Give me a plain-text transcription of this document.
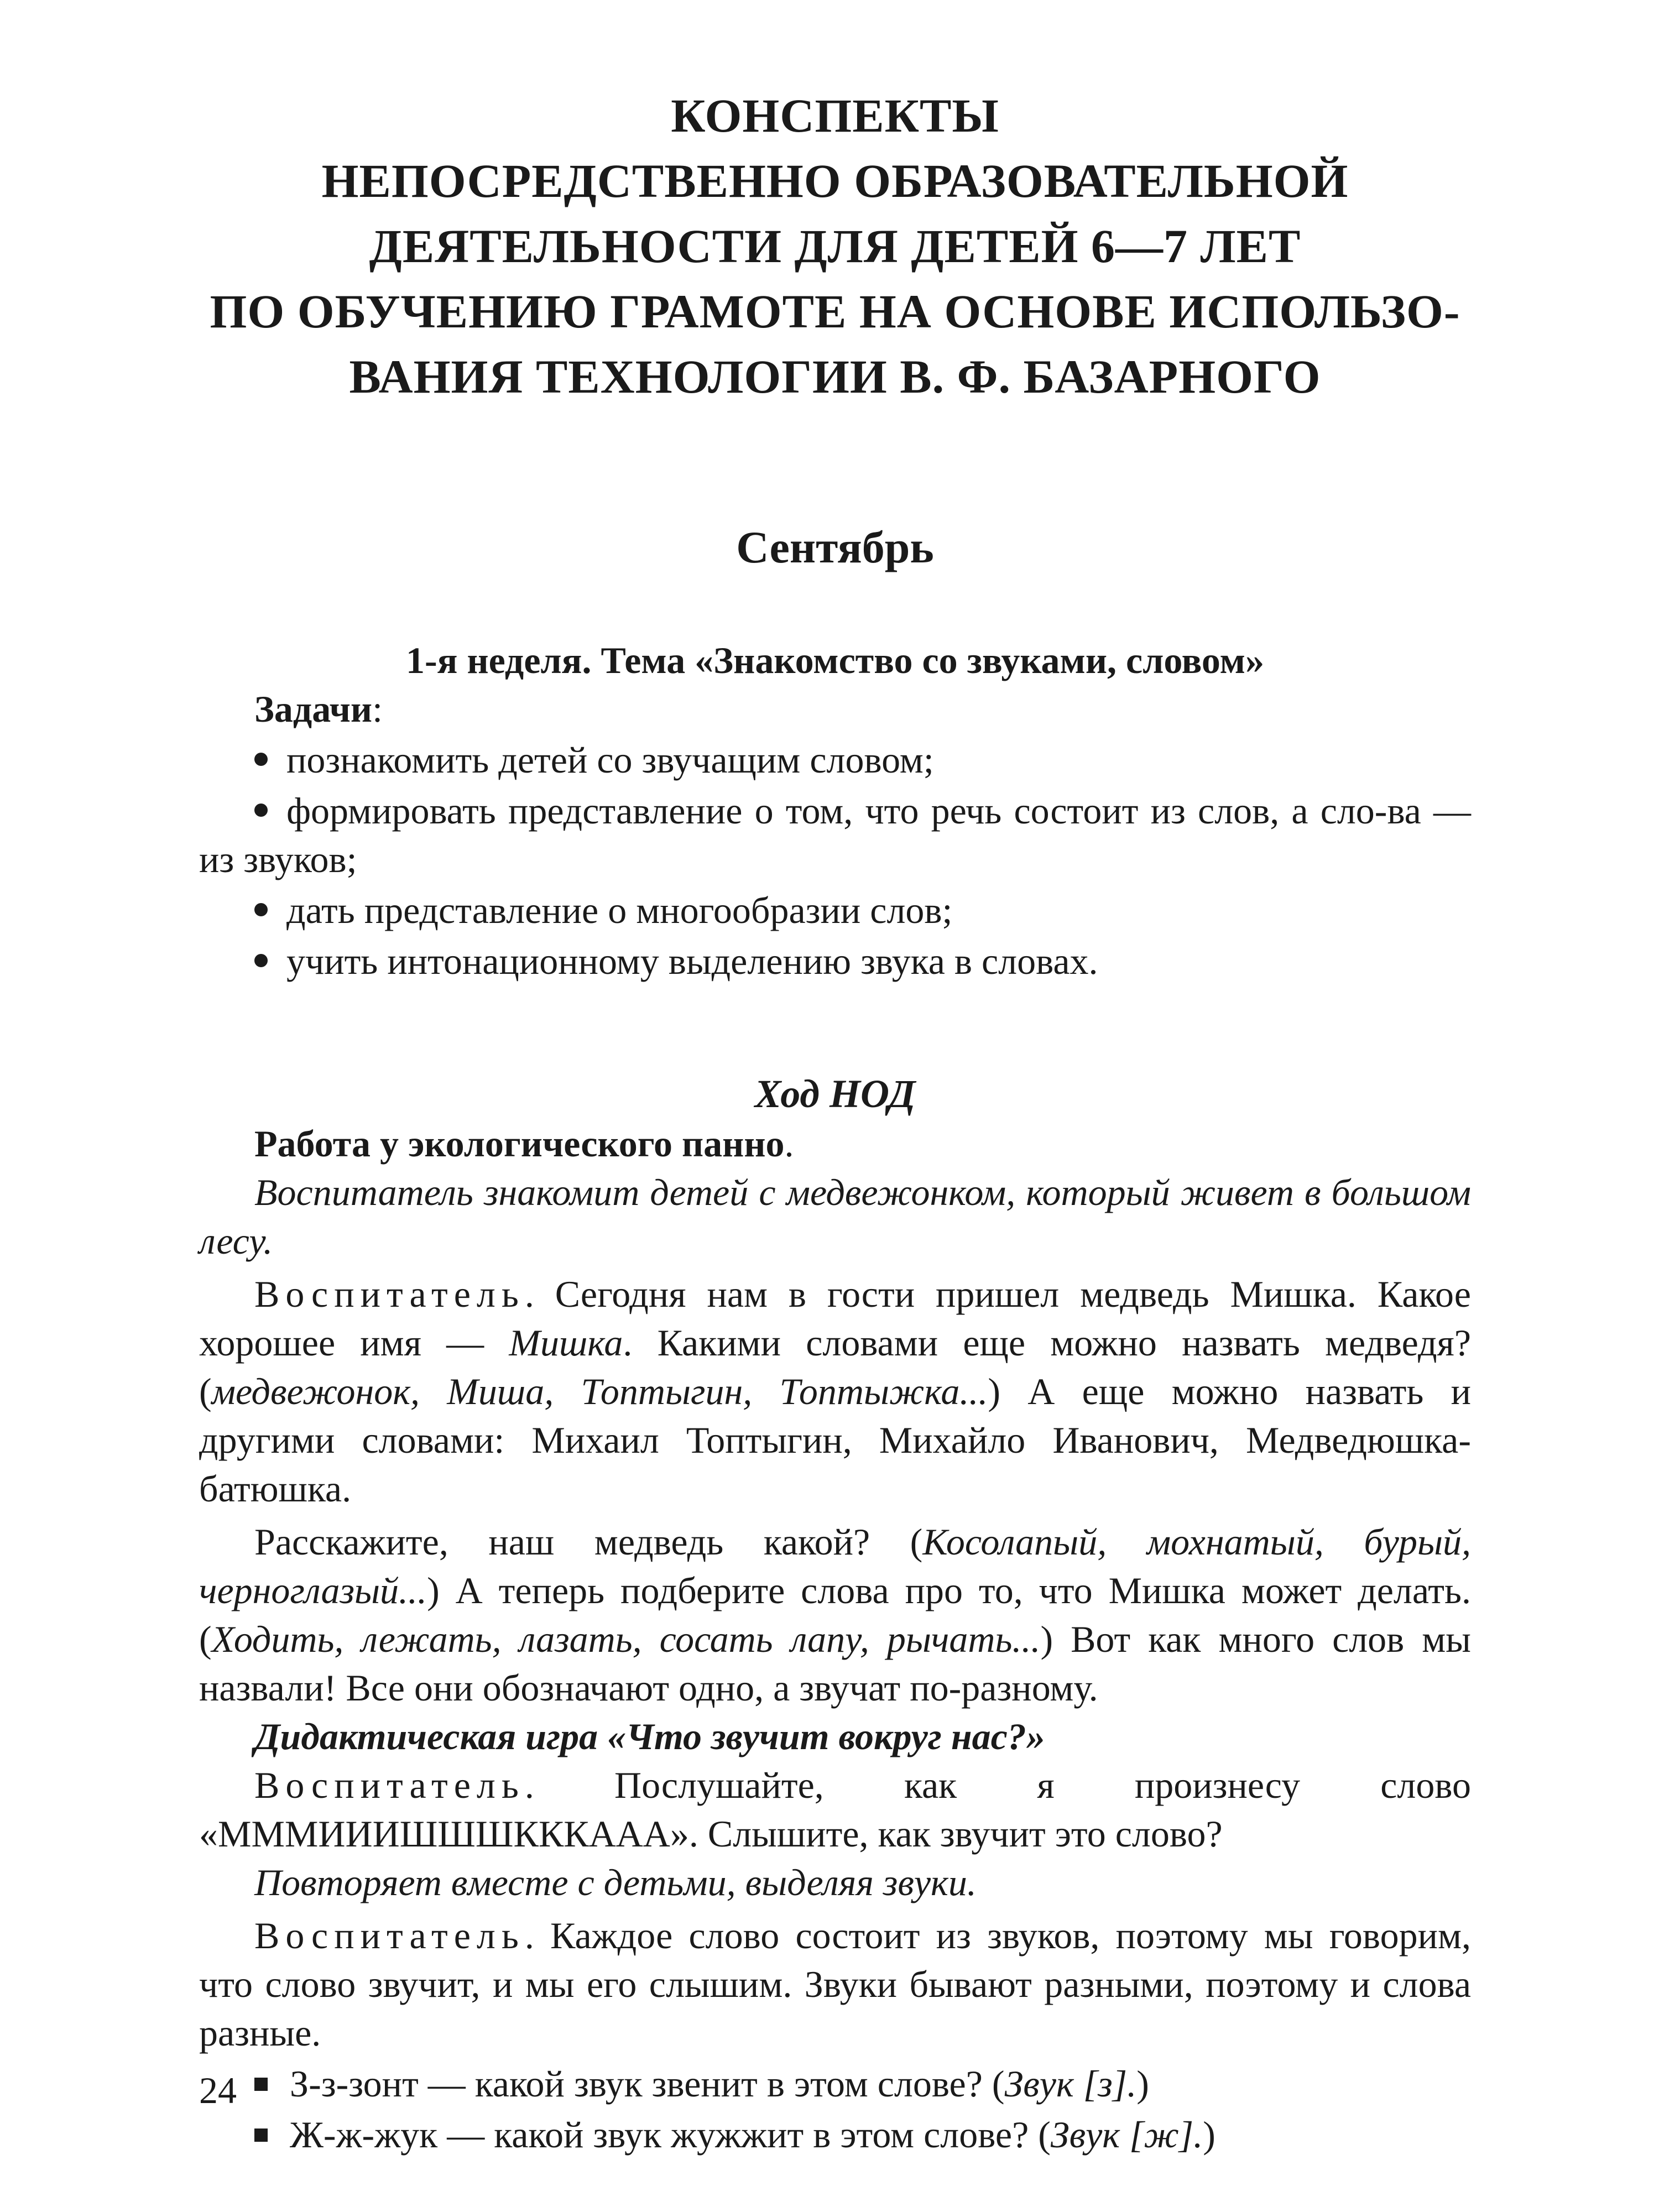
КОНСПЕКТЫ
НЕПОСРЕДСТВЕННО ОБРАЗОВАТЕЛЬНОЙ
ДЕЯТЕЛЬНОСТИ ДЛЯ ДЕТЕЙ 6—7 ЛЕТ
ПО ОБУЧЕНИЮ ГРАМОТЕ НА ОСНОВЕ ИСПОЛЬЗО-
ВАНИЯ ТЕХНОЛОГИИ В. Ф. БАЗАРНОГО
Сентябрь
1-я неделя. Тема «Знакомство со звуками, словом»

Задачи:

познакомить детей со звучащим словом;
формировать представление о том, что речь состоит из слов, а сло-ва — из звуков;
дать представление о многообразии слов;
учить интонационному выделению звука в словах.
Ход НОД

Работа у экологического панно.

Воспитатель знакомит детей с медвежонком, который живет в большом лесу.

Воспитатель. Сегодня нам в гости пришел медведь Мишка. Какое хорошее имя — Мишка. Какими словами еще можно назвать медведя? (медвежонок, Миша, Топтыгин, Топтыжка...) А еще можно назвать и другими словами: Михаил Топтыгин, Михайло Иванович, Медведюшка-батюшка.

Расскажите, наш медведь какой? (Косолапый, мохнатый, бурый, черноглазый...) А теперь подберите слова про то, что Мишка может делать. (Ходить, лежать, лазать, сосать лапу, рычать...) Вот как много слов мы назвали! Все они обозначают одно, а звучат по-разному.

Дидактическая игра «Что звучит вокруг нас?»

Воспитатель. Послушайте, как я произнесу слово «МММИИИШШШКККААА». Слышите, как звучит это слово?

Повторяет вместе с детьми, выделяя звуки.

Воспитатель. Каждое слово состоит из звуков, поэтому мы говорим, что слово звучит, и мы его слышим. Звуки бывают разными, поэтому и слова разные.

З-з-зонт — какой звук звенит в этом слове? (Звук [з].)
Ж-ж-жук — какой звук жужжит в этом слове? (Звук [ж].)
24
